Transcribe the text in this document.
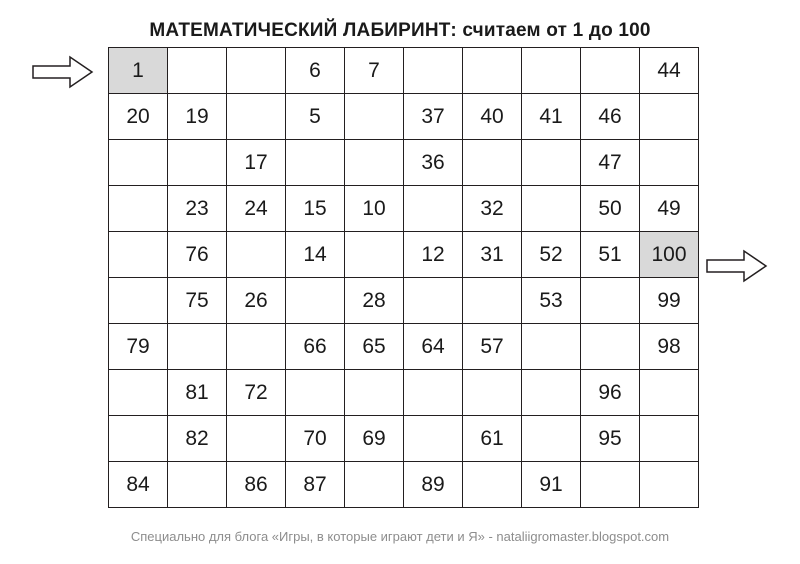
МАТЕМАТИЧЕСКИЙ ЛАБИРИНТ: считаем от 1 до 100
1			6	7					44
20	19		5		37	40	41	46	
		17			36			47	
	23	24	15	10		32		50	49
	76		14		12	31	52	51	100
	75	26		28			53		99
79			66	65	64	57			98
	81	72						96	
	82		70	69		61		95	
84		86	87		89		91		
Специально для блога «Игры, в которые играют дети и Я» - nataliigromaster.blogspot.com
